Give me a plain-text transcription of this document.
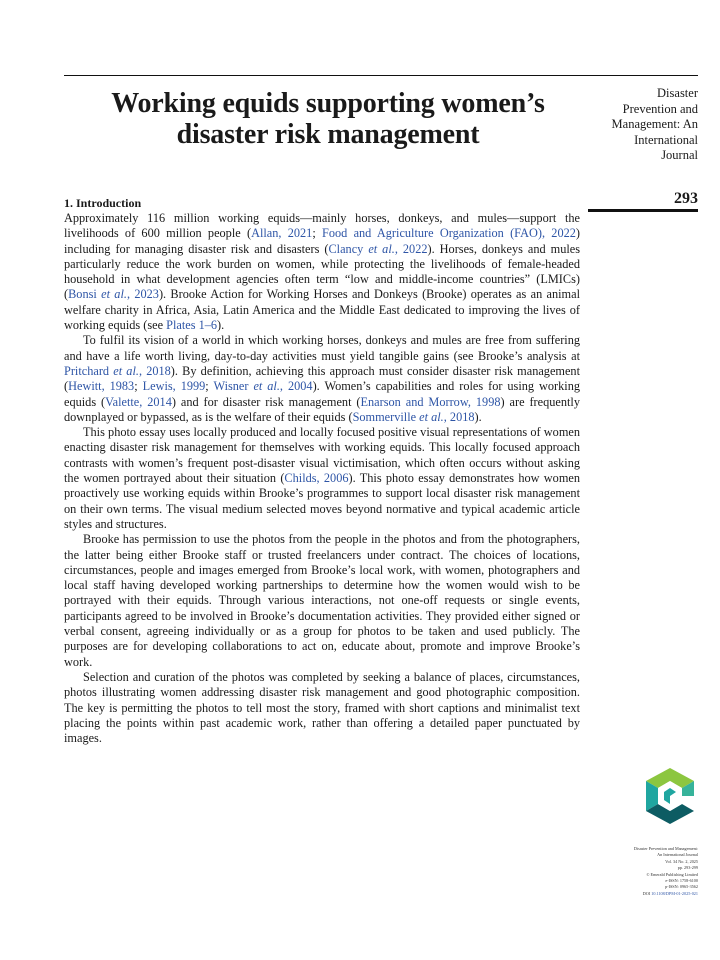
Working equids supporting women’s
disaster risk management
Disaster
Prevention and
Management: An
International
Journal
293
1. Introduction

Approximately 116 million working equids—mainly horses, donkeys, and mules—support the livelihoods of 600 million people (Allan, 2021; Food and Agriculture Organization (FAO), 2022) including for managing disaster risk and disasters (Clancy et al., 2022). Horses, donkeys and mules particularly reduce the work burden on women, while protecting the livelihoods of female-headed household in what development agencies often term “low and middle-income countries” (LMICs) (Bonsi et al., 2023). Brooke Action for Working Horses and Donkeys (Brooke) operates as an animal welfare charity in Africa, Asia, Latin America and the Middle East dedicated to improving the lives of working equids (see Plates 1–6).

To fulfil its vision of a world in which working horses, donkeys and mules are free from suffering and have a life worth living, day-to-day activities must yield tangible gains (see Brooke’s analysis at Pritchard et al., 2018). By definition, achieving this approach must consider disaster risk management (Hewitt, 1983; Lewis, 1999; Wisner et al., 2004). Women’s capabilities and roles for using working equids (Valette, 2014) and for disaster risk management (Enarson and Morrow, 1998) are frequently downplayed or bypassed, as is the welfare of their equids (Sommerville et al., 2018).

This photo essay uses locally produced and locally focused positive visual representations of women enacting disaster risk management for themselves with working equids. This locally focused approach contrasts with women’s frequent post-disaster visual victimisation, which often occurs without asking the women portrayed about their situation (Childs, 2006). This photo essay demonstrates how women proactively use working equids within Brooke’s programmes to support local disaster risk management on their own terms. The visual medium selected moves beyond normative and typical academic article styles and structures.

Brooke has permission to use the photos from the people in the photos and from the photographers, the latter being either Brooke staff or trusted freelancers under contract. The choices of locations, circumstances, people and images emerged from Brooke’s local work, with women, photographers and local staff having developed working partnerships to determine how the women would wish to be portrayed with their equids. Through various interactions, not one-off requests or single events, participants agreed to be involved in Brooke’s documentation activities. They provided either signed or verbal consent, agreeing individually or as a group for photos to be taken and used publicly. The purposes are for developing collaborations to act on, educate about, promote and improve Brooke’s work.

Selection and curation of the photos was completed by seeking a balance of places, circumstances, photos illustrating women addressing disaster risk management and good photographic composition. The key is permitting the photos to tell most the story, framed with short captions and minimalist text placing the points within past academic work, rather than offering a detailed paper punctuated by images.

Disaster Prevention and Management:
An International Journal
Vol. 34 No. 2, 2025
pp. 293-299
© Emerald Publishing Limited
e-ISSN: 1758-6100
p-ISSN: 0965-3562
DOI 10.1108/DPM-01-2025-021
